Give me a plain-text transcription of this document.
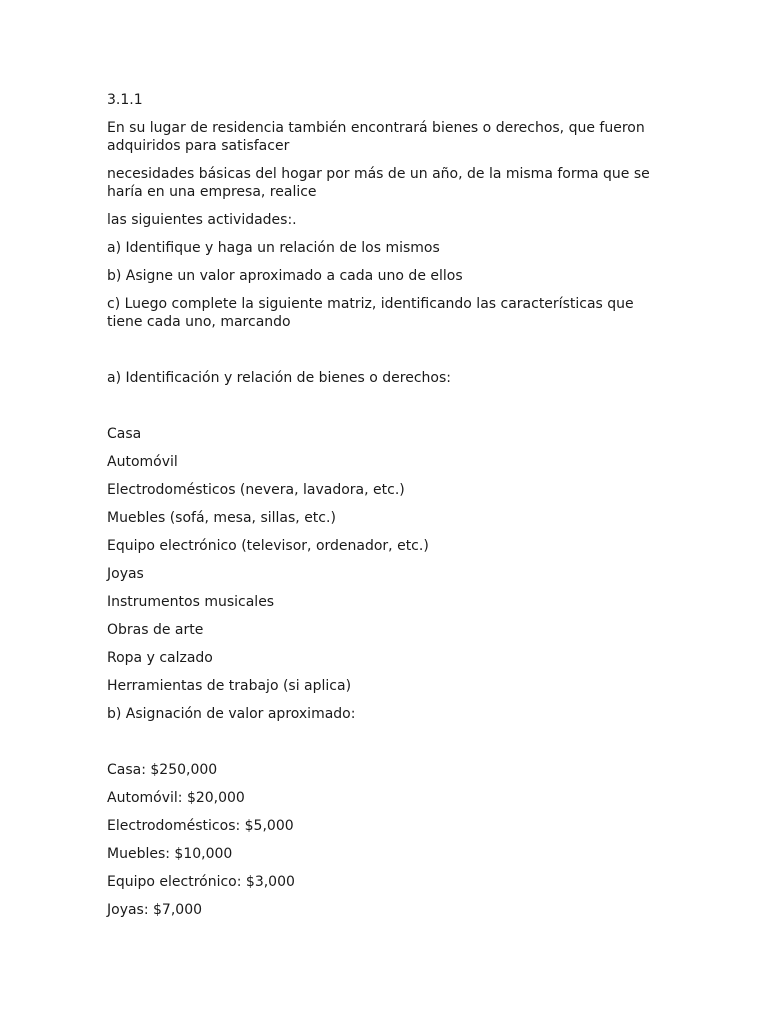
3.1.1

En su lugar de residencia también encontrará bienes o derechos, que fueron adquiridos para satisfacer

necesidades básicas del hogar por más de un año, de la misma forma que se haría en una empresa, realice

las siguientes actividades:.

a) Identifique y haga un relación de los mismos

b) Asigne un valor aproximado a cada uno de ellos

c) Luego complete la siguiente matriz, identificando las características que tiene cada uno, marcando

a) Identificación y relación de bienes o derechos:

Casa

Automóvil

Electrodomésticos (nevera, lavadora, etc.)

Muebles (sofá, mesa, sillas, etc.)

Equipo electrónico (televisor, ordenador, etc.)

Joyas

Instrumentos musicales

Obras de arte

Ropa y calzado

Herramientas de trabajo (si aplica)

b) Asignación de valor aproximado:

Casa: $250,000

Automóvil: $20,000

Electrodomésticos: $5,000

Muebles: $10,000

Equipo electrónico: $3,000

Joyas: $7,000
